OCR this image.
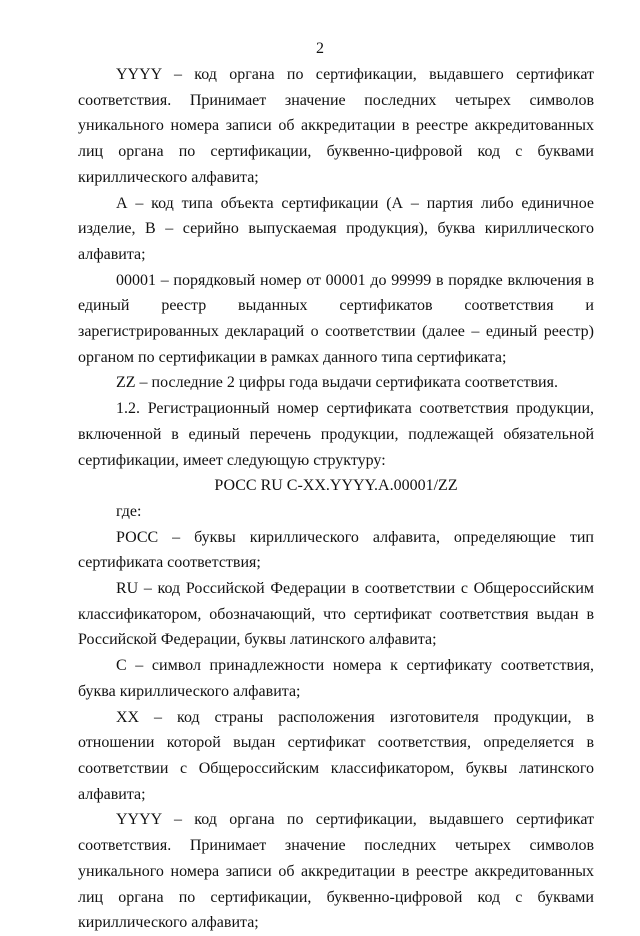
2

YYYY – код органа по сертификации, выдавшего сертификат соответствия. Принимает значение последних четырех символов уникального номера записи об аккредитации в реестре аккредитованных лиц органа по сертификации, буквенно-цифровой код с буквами кириллического алфавита;

А – код типа объекта сертификации (А – партия либо единичное изделие, В – серийно выпускаемая продукция), буква кириллического алфавита;

00001 – порядковый номер от 00001 до 99999 в порядке включения в единый реестр выданных сертификатов соответствия и зарегистрированных деклараций о соответствии (далее – единый реестр) органом по сертификации в рамках данного типа сертификата;

ZZ – последние 2 цифры года выдачи сертификата соответствия.

1.2. Регистрационный номер сертификата соответствия продукции, включенной в единый перечень продукции, подлежащей обязательной сертификации, имеет следующую структуру:

РОСС RU С-XX.YYYY.А.00001/ZZ

где:

РОСС – буквы кириллического алфавита, определяющие тип сертификата соответствия;

RU – код Российской Федерации в соответствии с Общероссийским классификатором, обозначающий, что сертификат соответствия выдан в Российской Федерации, буквы латинского алфавита;

С – символ принадлежности номера к сертификату соответствия, буква кириллического алфавита;

XX – код страны расположения изготовителя продукции, в отношении которой выдан сертификат соответствия, определяется в соответствии с Общероссийским классификатором, буквы латинского алфавита;

YYYY – код органа по сертификации, выдавшего сертификат соответствия. Принимает значение последних четырех символов уникального номера записи об аккредитации в реестре аккредитованных лиц органа по сертификации, буквенно-цифровой код с буквами кириллического алфавита;
